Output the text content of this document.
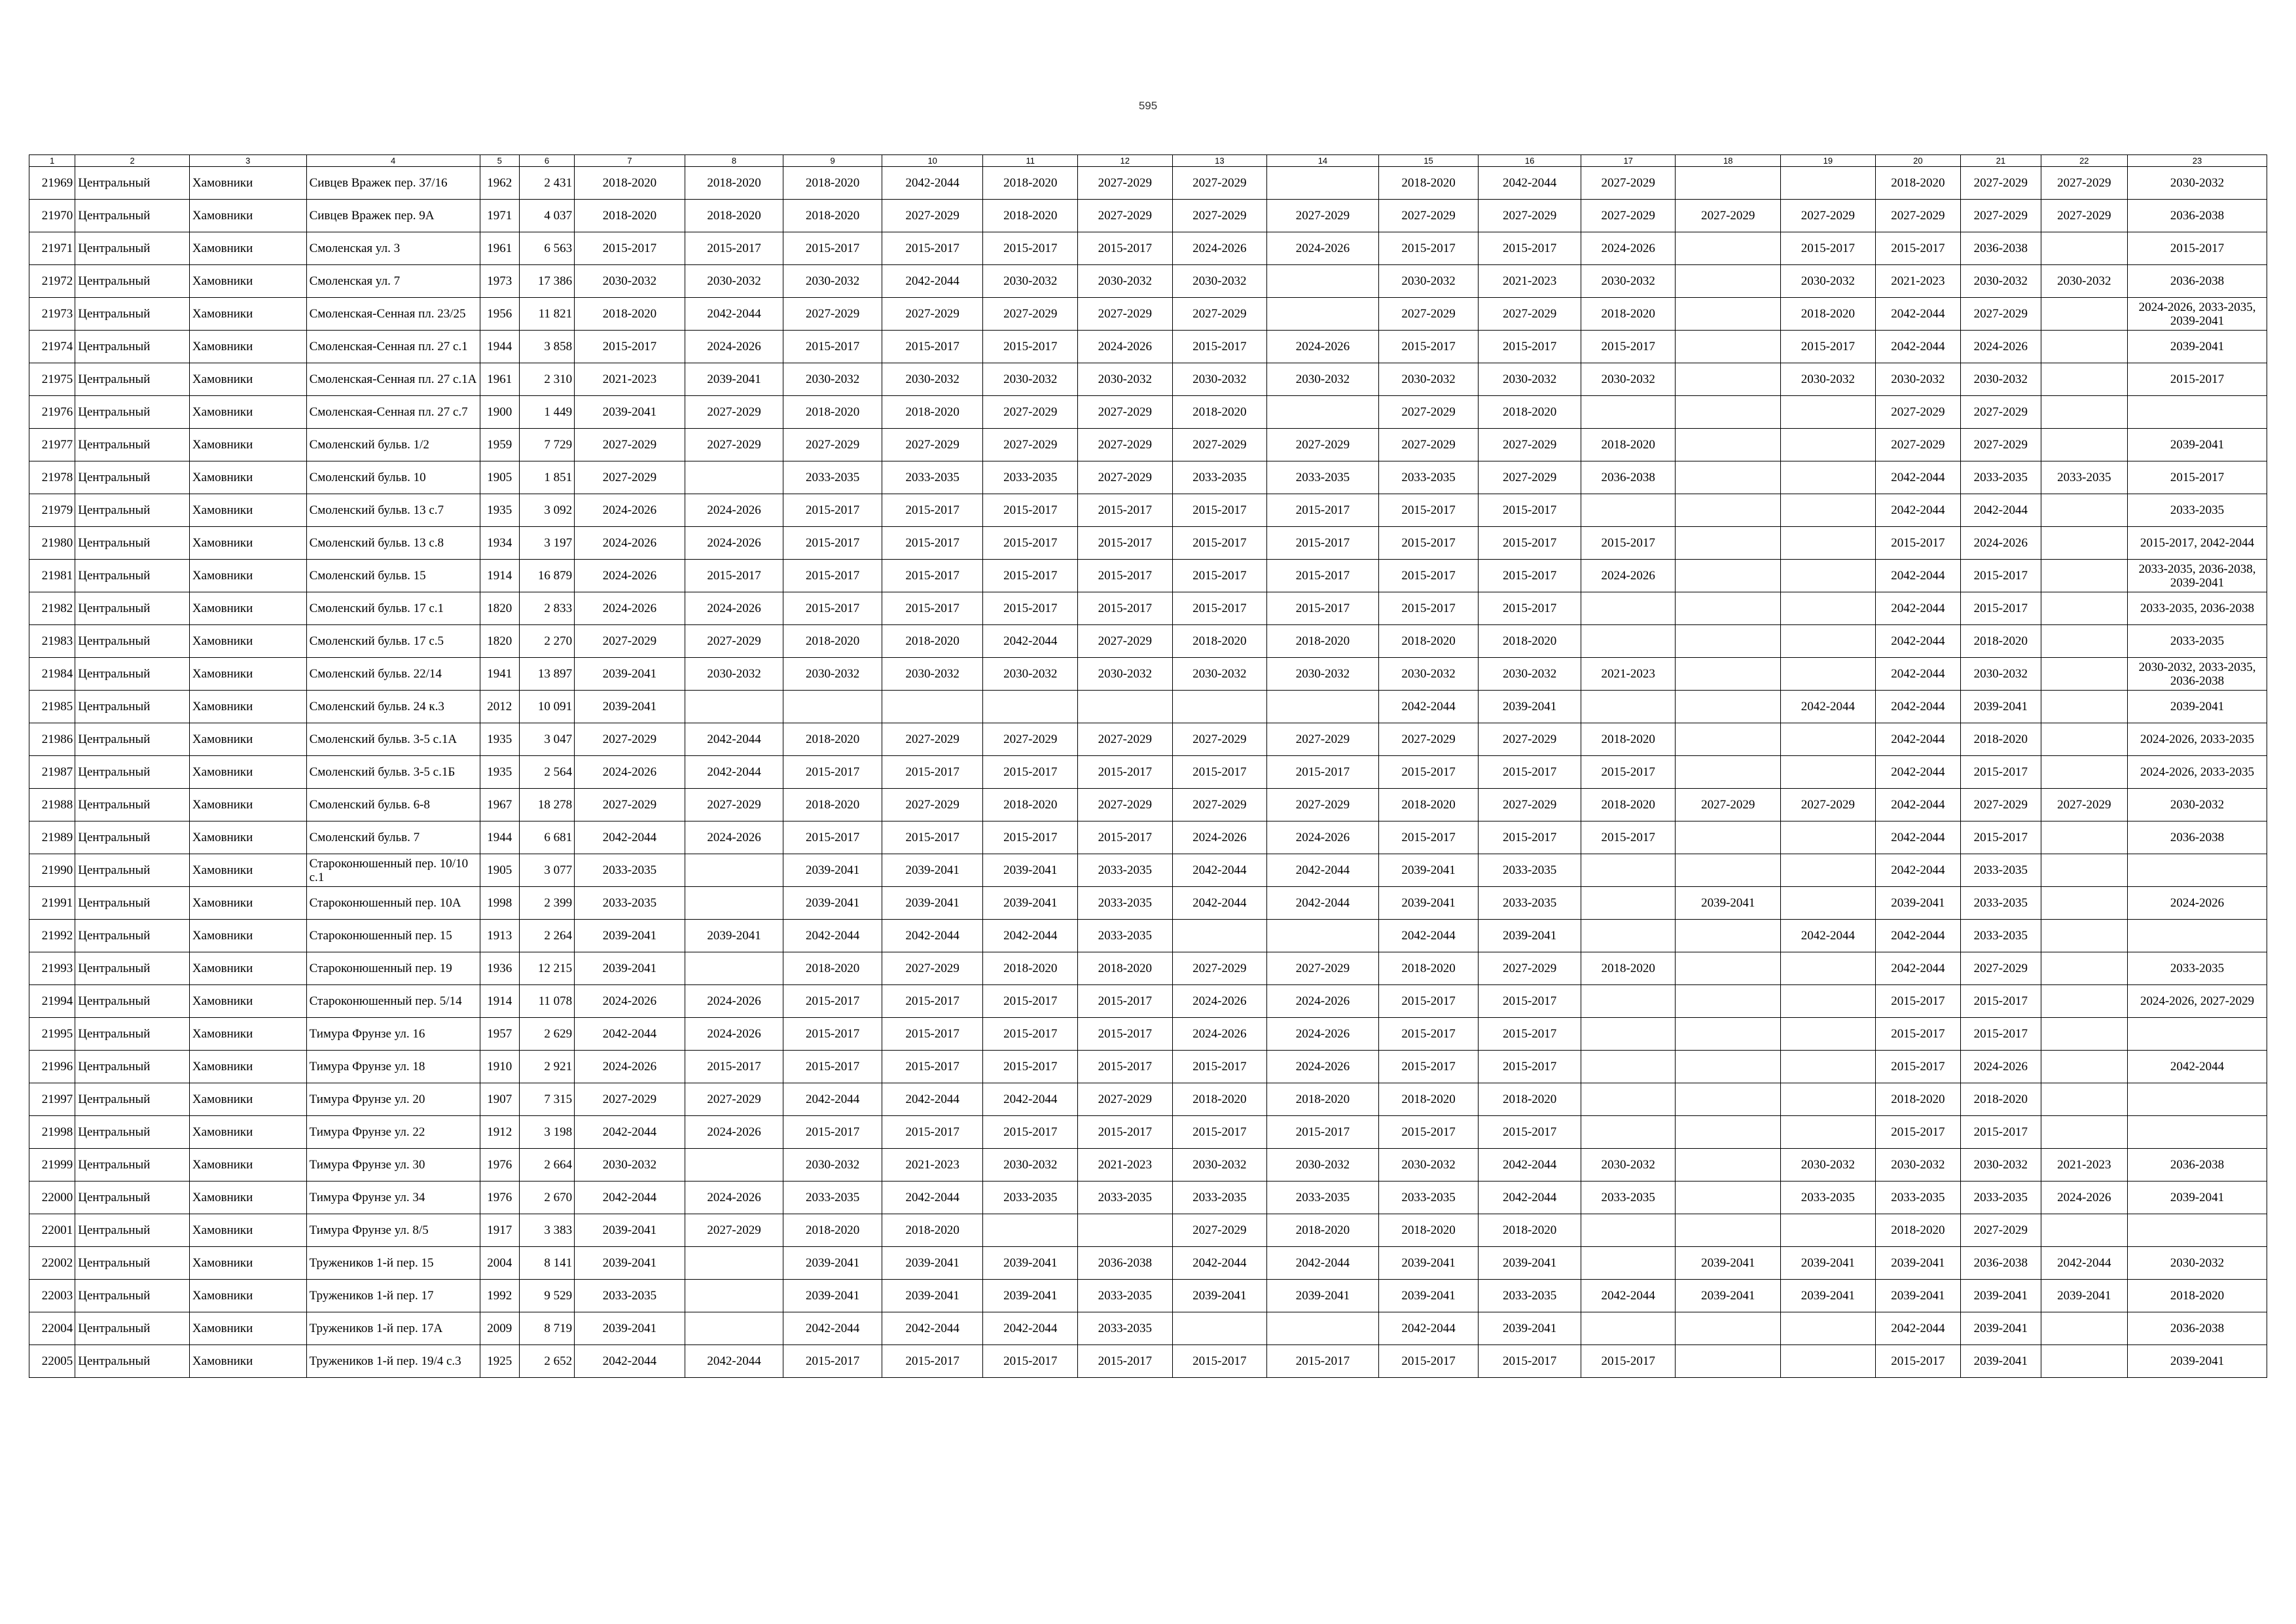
595
1	2	3	4	5	6	7	8	9	10	11	12	13	14	15	16	17	18	19	20	21	22	23
21969	Центральный	Хамовники	Сивцев Вражек пер. 37/16	1962	2 431	2018-2020	2018-2020	2018-2020	2042-2044	2018-2020	2027-2029	2027-2029		2018-2020	2042-2044	2027-2029			2018-2020	2027-2029	2027-2029	2030-2032
21970	Центральный	Хамовники	Сивцев Вражек пер. 9А	1971	4 037	2018-2020	2018-2020	2018-2020	2027-2029	2018-2020	2027-2029	2027-2029	2027-2029	2027-2029	2027-2029	2027-2029	2027-2029	2027-2029	2027-2029	2027-2029	2027-2029	2036-2038
21971	Центральный	Хамовники	Смоленская ул. 3	1961	6 563	2015-2017	2015-2017	2015-2017	2015-2017	2015-2017	2015-2017	2024-2026	2024-2026	2015-2017	2015-2017	2024-2026		2015-2017	2015-2017	2036-2038		2015-2017
21972	Центральный	Хамовники	Смоленская ул. 7	1973	17 386	2030-2032	2030-2032	2030-2032	2042-2044	2030-2032	2030-2032	2030-2032		2030-2032	2021-2023	2030-2032		2030-2032	2021-2023	2030-2032	2030-2032	2036-2038
21973	Центральный	Хамовники	Смоленская-Сенная пл. 23/25	1956	11 821	2018-2020	2042-2044	2027-2029	2027-2029	2027-2029	2027-2029	2027-2029		2027-2029	2027-2029	2018-2020		2018-2020	2042-2044	2027-2029		2024-2026, 2033-2035, 2039-2041
21974	Центральный	Хамовники	Смоленская-Сенная пл. 27 с.1	1944	3 858	2015-2017	2024-2026	2015-2017	2015-2017	2015-2017	2024-2026	2015-2017	2024-2026	2015-2017	2015-2017	2015-2017		2015-2017	2042-2044	2024-2026		2039-2041
21975	Центральный	Хамовники	Смоленская-Сенная пл. 27 с.1А	1961	2 310	2021-2023	2039-2041	2030-2032	2030-2032	2030-2032	2030-2032	2030-2032	2030-2032	2030-2032	2030-2032	2030-2032		2030-2032	2030-2032	2030-2032		2015-2017
21976	Центральный	Хамовники	Смоленская-Сенная пл. 27 с.7	1900	1 449	2039-2041	2027-2029	2018-2020	2018-2020	2027-2029	2027-2029	2018-2020		2027-2029	2018-2020				2027-2029	2027-2029		
21977	Центральный	Хамовники	Смоленский бульв. 1/2	1959	7 729	2027-2029	2027-2029	2027-2029	2027-2029	2027-2029	2027-2029	2027-2029	2027-2029	2027-2029	2027-2029	2018-2020			2027-2029	2027-2029		2039-2041
21978	Центральный	Хамовники	Смоленский бульв. 10	1905	1 851	2027-2029		2033-2035	2033-2035	2033-2035	2027-2029	2033-2035	2033-2035	2033-2035	2027-2029	2036-2038			2042-2044	2033-2035	2033-2035	2015-2017
21979	Центральный	Хамовники	Смоленский бульв. 13 с.7	1935	3 092	2024-2026	2024-2026	2015-2017	2015-2017	2015-2017	2015-2017	2015-2017	2015-2017	2015-2017	2015-2017				2042-2044	2042-2044		2033-2035
21980	Центральный	Хамовники	Смоленский бульв. 13 с.8	1934	3 197	2024-2026	2024-2026	2015-2017	2015-2017	2015-2017	2015-2017	2015-2017	2015-2017	2015-2017	2015-2017	2015-2017			2015-2017	2024-2026		2015-2017, 2042-2044
21981	Центральный	Хамовники	Смоленский бульв. 15	1914	16 879	2024-2026	2015-2017	2015-2017	2015-2017	2015-2017	2015-2017	2015-2017	2015-2017	2015-2017	2015-2017	2024-2026			2042-2044	2015-2017		2033-2035, 2036-2038, 2039-2041
21982	Центральный	Хамовники	Смоленский бульв. 17 с.1	1820	2 833	2024-2026	2024-2026	2015-2017	2015-2017	2015-2017	2015-2017	2015-2017	2015-2017	2015-2017	2015-2017				2042-2044	2015-2017		2033-2035, 2036-2038
21983	Центральный	Хамовники	Смоленский бульв. 17 с.5	1820	2 270	2027-2029	2027-2029	2018-2020	2018-2020	2042-2044	2027-2029	2018-2020	2018-2020	2018-2020	2018-2020				2042-2044	2018-2020		2033-2035
21984	Центральный	Хамовники	Смоленский бульв. 22/14	1941	13 897	2039-2041	2030-2032	2030-2032	2030-2032	2030-2032	2030-2032	2030-2032	2030-2032	2030-2032	2030-2032	2021-2023			2042-2044	2030-2032		2030-2032, 2033-2035, 2036-2038
21985	Центральный	Хамовники	Смоленский бульв. 24 к.3	2012	10 091	2039-2041								2042-2044	2039-2041			2042-2044	2042-2044	2039-2041		2039-2041
21986	Центральный	Хамовники	Смоленский бульв. 3-5 с.1А	1935	3 047	2027-2029	2042-2044	2018-2020	2027-2029	2027-2029	2027-2029	2027-2029	2027-2029	2027-2029	2027-2029	2018-2020			2042-2044	2018-2020		2024-2026, 2033-2035
21987	Центральный	Хамовники	Смоленский бульв. 3-5 с.1Б	1935	2 564	2024-2026	2042-2044	2015-2017	2015-2017	2015-2017	2015-2017	2015-2017	2015-2017	2015-2017	2015-2017	2015-2017			2042-2044	2015-2017		2024-2026, 2033-2035
21988	Центральный	Хамовники	Смоленский бульв. 6-8	1967	18 278	2027-2029	2027-2029	2018-2020	2027-2029	2018-2020	2027-2029	2027-2029	2027-2029	2018-2020	2027-2029	2018-2020	2027-2029	2027-2029	2042-2044	2027-2029	2027-2029	2030-2032
21989	Центральный	Хамовники	Смоленский бульв. 7	1944	6 681	2042-2044	2024-2026	2015-2017	2015-2017	2015-2017	2015-2017	2024-2026	2024-2026	2015-2017	2015-2017	2015-2017			2042-2044	2015-2017		2036-2038
21990	Центральный	Хамовники	Староконюшенный пер. 10/10 с.1	1905	3 077	2033-2035		2039-2041	2039-2041	2039-2041	2033-2035	2042-2044	2042-2044	2039-2041	2033-2035				2042-2044	2033-2035		
21991	Центральный	Хамовники	Староконюшенный пер. 10А	1998	2 399	2033-2035		2039-2041	2039-2041	2039-2041	2033-2035	2042-2044	2042-2044	2039-2041	2033-2035		2039-2041		2039-2041	2033-2035		2024-2026
21992	Центральный	Хамовники	Староконюшенный пер. 15	1913	2 264	2039-2041	2039-2041	2042-2044	2042-2044	2042-2044	2033-2035			2042-2044	2039-2041			2042-2044	2042-2044	2033-2035		
21993	Центральный	Хамовники	Староконюшенный пер. 19	1936	12 215	2039-2041		2018-2020	2027-2029	2018-2020	2018-2020	2027-2029	2027-2029	2018-2020	2027-2029	2018-2020			2042-2044	2027-2029		2033-2035
21994	Центральный	Хамовники	Староконюшенный пер. 5/14	1914	11 078	2024-2026	2024-2026	2015-2017	2015-2017	2015-2017	2015-2017	2024-2026	2024-2026	2015-2017	2015-2017				2015-2017	2015-2017		2024-2026, 2027-2029
21995	Центральный	Хамовники	Тимура Фрунзе ул. 16	1957	2 629	2042-2044	2024-2026	2015-2017	2015-2017	2015-2017	2015-2017	2024-2026	2024-2026	2015-2017	2015-2017				2015-2017	2015-2017		
21996	Центральный	Хамовники	Тимура Фрунзе ул. 18	1910	2 921	2024-2026	2015-2017	2015-2017	2015-2017	2015-2017	2015-2017	2015-2017	2024-2026	2015-2017	2015-2017				2015-2017	2024-2026		2042-2044
21997	Центральный	Хамовники	Тимура Фрунзе ул. 20	1907	7 315	2027-2029	2027-2029	2042-2044	2042-2044	2042-2044	2027-2029	2018-2020	2018-2020	2018-2020	2018-2020				2018-2020	2018-2020		
21998	Центральный	Хамовники	Тимура Фрунзе ул. 22	1912	3 198	2042-2044	2024-2026	2015-2017	2015-2017	2015-2017	2015-2017	2015-2017	2015-2017	2015-2017	2015-2017				2015-2017	2015-2017		
21999	Центральный	Хамовники	Тимура Фрунзе ул. 30	1976	2 664	2030-2032		2030-2032	2021-2023	2030-2032	2021-2023	2030-2032	2030-2032	2030-2032	2042-2044	2030-2032		2030-2032	2030-2032	2030-2032	2021-2023	2036-2038
22000	Центральный	Хамовники	Тимура Фрунзе ул. 34	1976	2 670	2042-2044	2024-2026	2033-2035	2042-2044	2033-2035	2033-2035	2033-2035	2033-2035	2033-2035	2042-2044	2033-2035		2033-2035	2033-2035	2033-2035	2024-2026	2039-2041
22001	Центральный	Хамовники	Тимура Фрунзе ул. 8/5	1917	3 383	2039-2041	2027-2029	2018-2020	2018-2020			2027-2029	2018-2020	2018-2020	2018-2020				2018-2020	2027-2029		
22002	Центральный	Хамовники	Тружеников 1-й пер. 15	2004	8 141	2039-2041		2039-2041	2039-2041	2039-2041	2036-2038	2042-2044	2042-2044	2039-2041	2039-2041		2039-2041	2039-2041	2039-2041	2036-2038	2042-2044	2030-2032
22003	Центральный	Хамовники	Тружеников 1-й пер. 17	1992	9 529	2033-2035		2039-2041	2039-2041	2039-2041	2033-2035	2039-2041	2039-2041	2039-2041	2033-2035	2042-2044	2039-2041	2039-2041	2039-2041	2039-2041	2039-2041	2018-2020
22004	Центральный	Хамовники	Тружеников 1-й пер. 17А	2009	8 719	2039-2041		2042-2044	2042-2044	2042-2044	2033-2035			2042-2044	2039-2041				2042-2044	2039-2041		2036-2038
22005	Центральный	Хамовники	Тружеников 1-й пер. 19/4 с.3	1925	2 652	2042-2044	2042-2044	2015-2017	2015-2017	2015-2017	2015-2017	2015-2017	2015-2017	2015-2017	2015-2017	2015-2017			2015-2017	2039-2041		2039-2041
